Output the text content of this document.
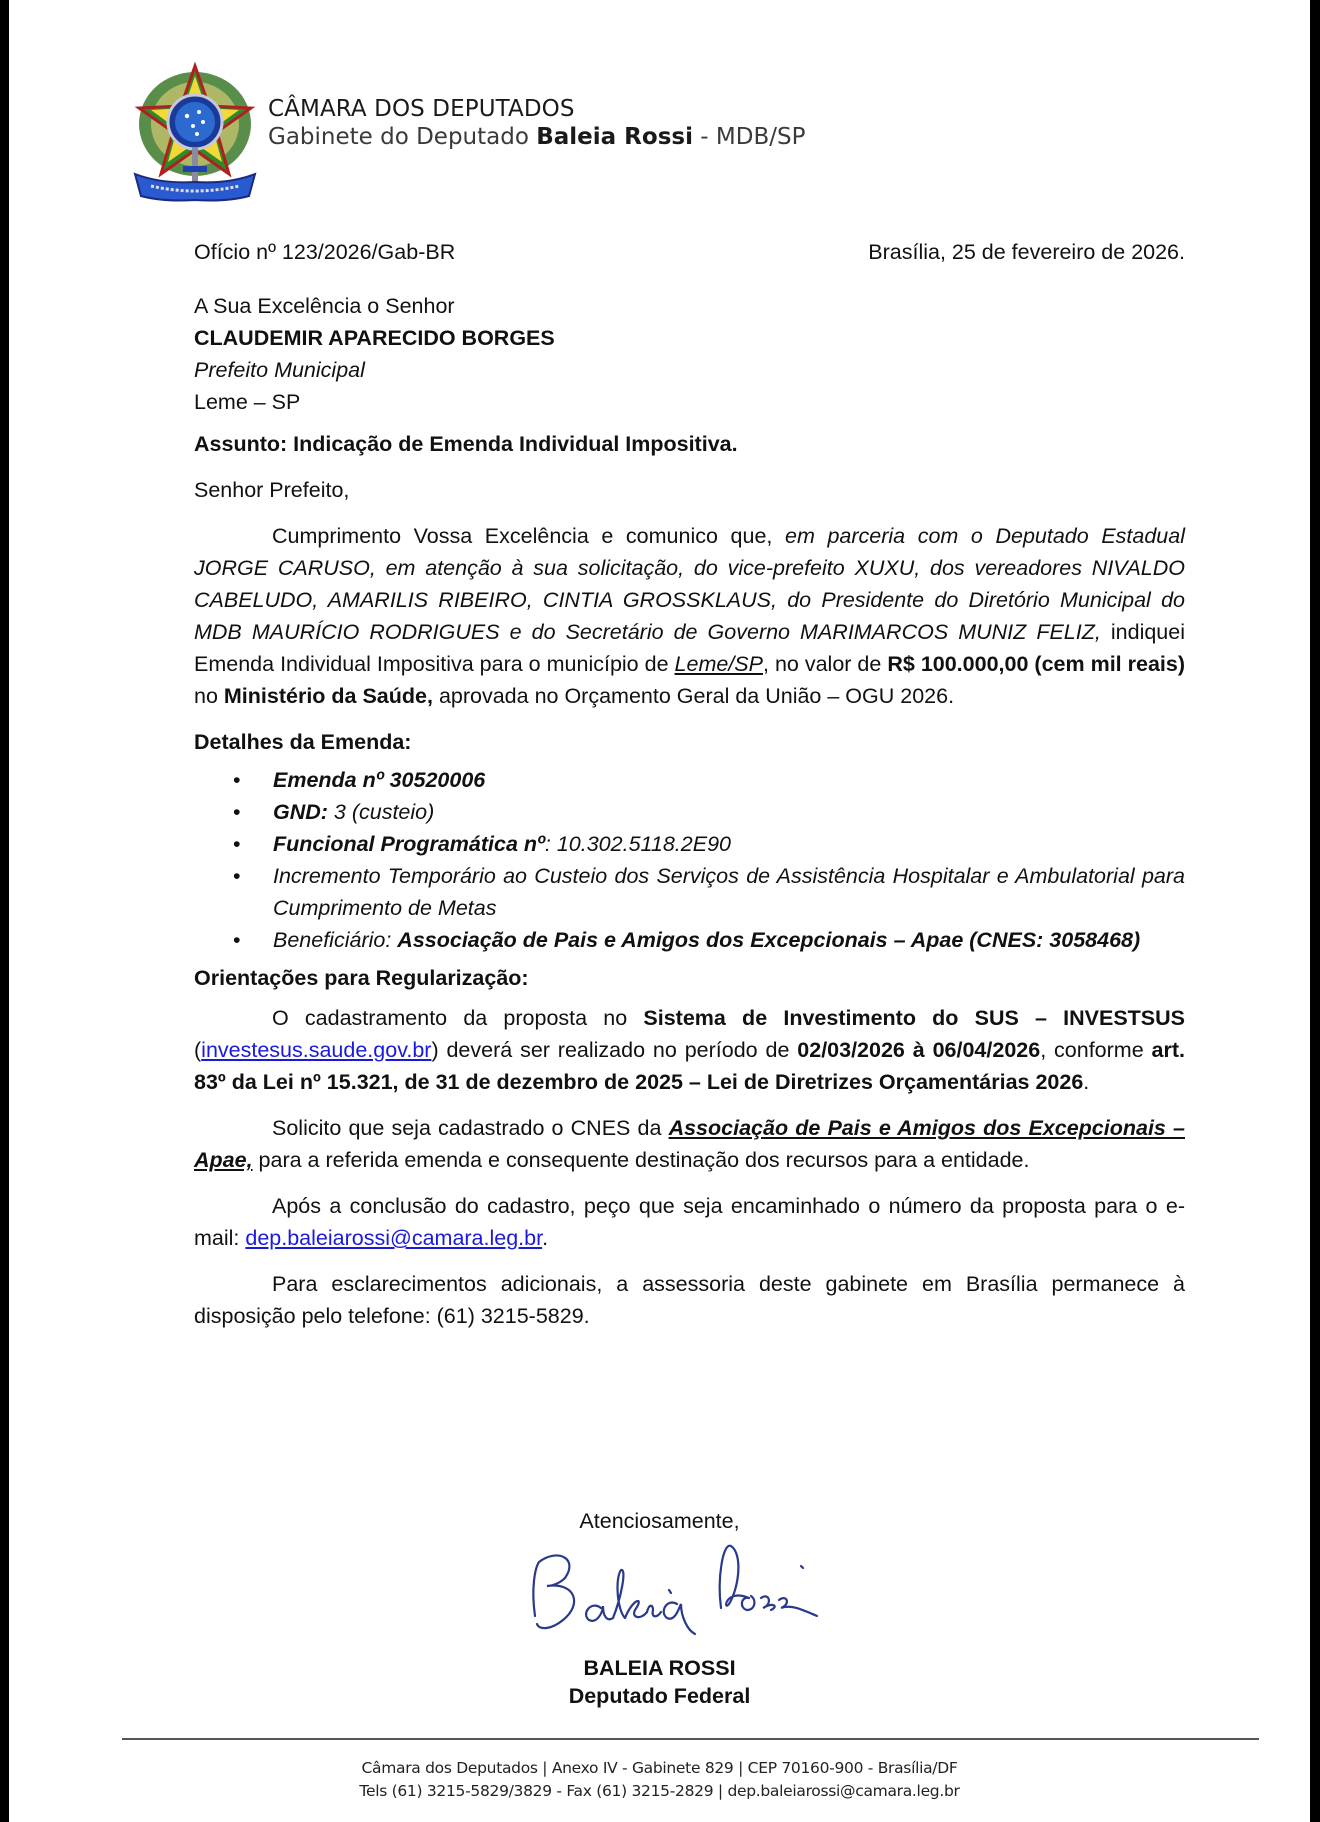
CÂMARA DOS DEPUTADOS
Gabinete do Deputado Baleia Rossi - MDB/SP
Ofício nº 123/2026/Gab-BR	Brasília, 25 de fevereiro de 2026.
A Sua Excelência o Senhor
CLAUDEMIR APARECIDO BORGES
Prefeito Municipal
Leme – SP
Assunto: Indicação de Emenda Individual Impositiva.
Senhor Prefeito,

Cumprimento Vossa Excelência e comunico que, em parceria com o Deputado Estadual JORGE CARUSO, em atenção à sua solicitação, do vice-prefeito XUXU, dos vereadores NIVALDO CABELUDO, AMARILIS RIBEIRO, CINTIA GROSSKLAUS, do Presidente do Diretório Municipal do MDB MAURÍCIO RODRIGUES e do Secretário de Governo MARIMARCOS MUNIZ FELIZ, indiquei Emenda Individual Impositiva para o município de Leme/SP, no valor de R$ 100.000,00 (cem mil reais) no Ministério da Saúde, aprovada no Orçamento Geral da União – OGU 2026.

Detalhes da Emenda:
• Emenda nº 30520006
• GND: 3 (custeio)
• Funcional Programática nº: 10.302.5118.2E90
• Incremento Temporário ao Custeio dos Serviços de Assistência Hospitalar e Ambulatorial para Cumprimento de Metas
• Beneficiário: Associação de Pais e Amigos dos Excepcionais – Apae (CNES: 3058468)
Orientações para Regularização:

O cadastramento da proposta no Sistema de Investimento do SUS – INVESTSUS (investesus.saude.gov.br) deverá ser realizado no período de 02/03/2026 à 06/04/2026, conforme art. 83º da Lei nº 15.321, de 31 de dezembro de 2025 – Lei de Diretrizes Orçamentárias 2026.

Solicito que seja cadastrado o CNES da Associação de Pais e Amigos dos Excepcionais – Apae, para a referida emenda e consequente destinação dos recursos para a entidade.

Após a conclusão do cadastro, peço que seja encaminhado o número da proposta para o e-mail: dep.baleiarossi@camara.leg.br.

Para esclarecimentos adicionais, a assessoria deste gabinete em Brasília permanece à disposição pelo telefone: (61) 3215-5829.

Atenciosamente,
BALEIA ROSSI
Deputado Federal
Câmara dos Deputados | Anexo IV - Gabinete 829 | CEP 70160-900 - Brasília/DF
Tels (61) 3215-5829/3829 - Fax (61) 3215-2829 | dep.baleiarossi@camara.leg.br
